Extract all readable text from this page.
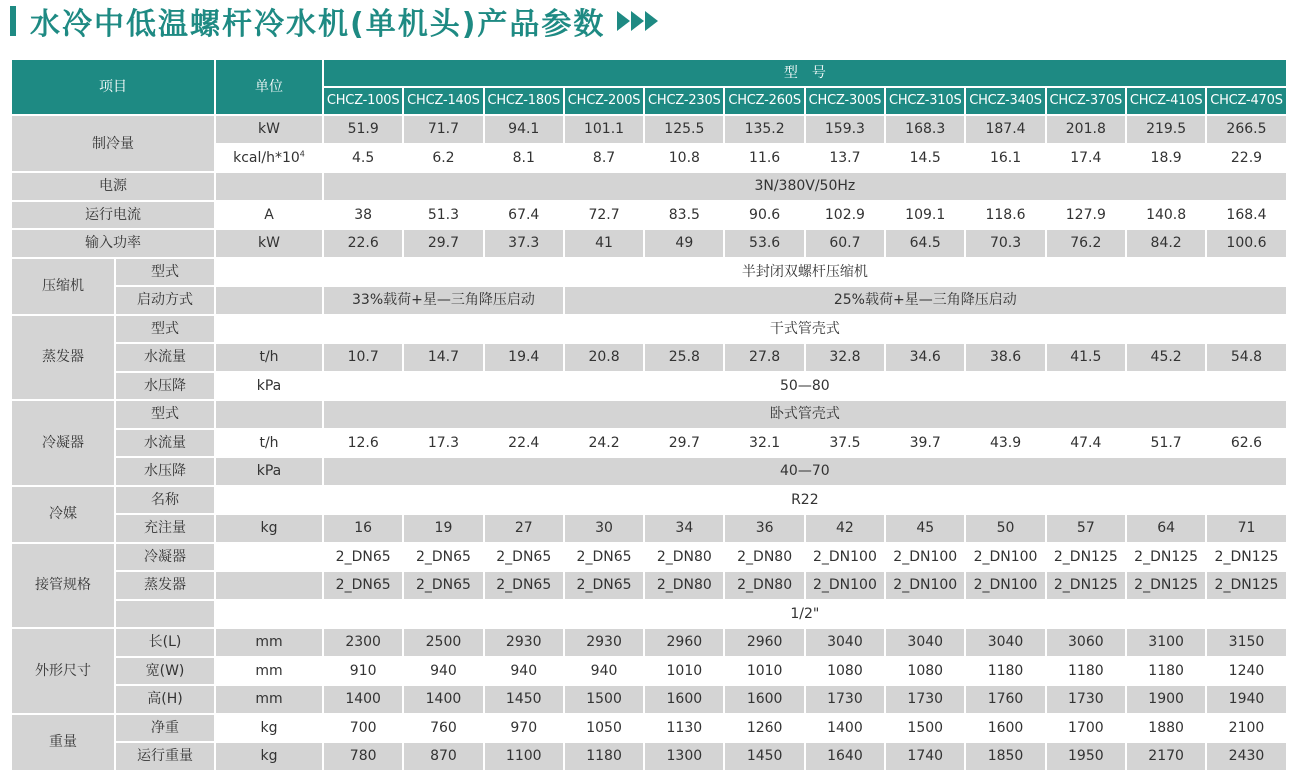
水冷中低温螺杆冷水机(单机头)产品参数
项目		单位	型　号											
			CHCZ-100S	CHCZ-140S	CHCZ-180S	CHCZ-200S	CHCZ-230S	CHCZ-260S	CHCZ-300S	CHCZ-310S	CHCZ-340S	CHCZ-370S	CHCZ-410S	CHCZ-470S
制冷量		kW	51.9	71.7	94.1	101.1	125.5	135.2	159.3	168.3	187.4	201.8	219.5	266.5
		kcal/$h*10^4$	4.5	6.2	8.1	8.7	10.8	11.6	13.7	14.5	16.1	17.4	18.9	22.9
电源			3N/380V/50Hz											
运行电流		A	38	51.3	67.4	72.7	83.5	90.6	102.9	109.1	118.6	127.9	140.8	168.4
输入功率		kW	22.6	29.7	37.3	41	49	53.6	60.7	64.5	70.3	76.2	84.2	100.6
压缩机	型式		半封闭双螺杆压缩机											
	启动方式		33%载荷+星—三角降压启动			25%载荷+星—三角降压启动								
蒸发器	型式		干式管壳式											
	水流量	t/h	10.7	14.7	19.4	20.8	25.8	27.8	32.8	34.6	38.6	41.5	45.2	54.8
	水压降	kPa	50—80											
冷凝器	型式		卧式管壳式											
	水流量	t/h	12.6	17.3	22.4	24.2	29.7	32.1	37.5	39.7	43.9	47.4	51.7	62.6
	水压降	kPa	40—70											
冷媒	名称		R22											
	充注量	kg	16	19	27	30	34	36	42	45	50	57	64	71
接管规格	冷凝器		2_DN65	2_DN65	2_DN65	2_DN65	2_DN80	2_DN80	2_DN100	2_DN100	2_DN100	2_DN125	2_DN125	2_DN125
	蒸发器		2_DN65	2_DN65	2_DN65	2_DN65	2_DN80	2_DN80	2_DN100	2_DN100	2_DN100	2_DN125	2_DN125	2_DN125
			1/2"											
外形尺寸	长(L)	mm	2300	2500	2930	2930	2960	2960	3040	3040	3040	3060	3100	3150
	宽(W)	mm	910	940	940	940	1010	1010	1080	1080	1180	1180	1180	1240
	高(H)	mm	1400	1400	1450	1500	1600	1600	1730	1730	1760	1730	1900	1940
重量	净重	kg	700	760	970	1050	1130	1260	1400	1500	1600	1700	1880	2100
	运行重量	kg	780	870	1100	1180	1300	1450	1640	1740	1850	1950	2170	2430
